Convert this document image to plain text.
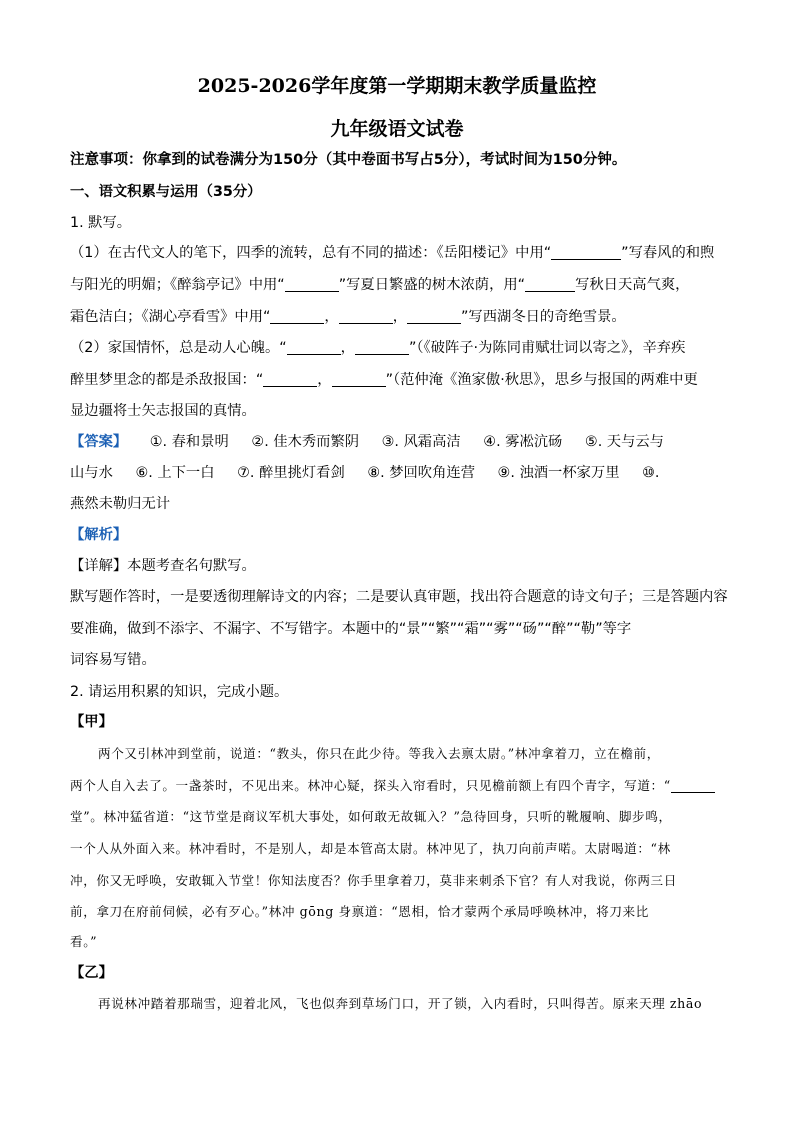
2025-2026学年度第一学期期末教学质量监控
九年级语文试卷
注意事项：你拿到的试卷满分为150分（其中卷面书写占5分），考试时间为150分钟。
一、语文积累与运用（35分）
1. 默写。
（1）在古代文人的笔下，四季的流转，总有不同的描述：《岳阳楼记》中用“	”写春风的和煦
与阳光的明媚；《醉翁亭记》中用“	”写夏日繁盛的树木浓荫，用“	写秋日天高气爽，
霜色洁白；《湖心亭看雪》中用“	，	，	”写西湖冬日的奇绝雪景。
（2）家国情怀，总是动人心魄。“	，	”（《破阵子·为陈同甫赋壮词以寄之》，辛弃疾
醉里梦里念的都是杀敌报国：“	，	”（范仲淹《渔家傲·秋思》，思乡与报国的两难中更
显边疆将士矢志报国的真情。
【答案】 ①. 春和景明 ②. 佳木秀而繁阴 ③. 风霜高洁 ④. 雾凇沆砀 ⑤. 天与云与
山与水 ⑥. 上下一白 ⑦. 醉里挑灯看剑 ⑧. 梦回吹角连营 ⑨. 浊酒一杯家万里 ⑩.
燕然未勒归无计
【解析】
【详解】本题考查名句默写。
默写题作答时，一是要透彻理解诗文的内容；二是要认真审题，找出符合题意的诗文句子；三是答题内容
要准确，做到不添字、不漏字、不写错字。本题中的“景”“繁”“霜”“雾”“砀”“醉”“勒”等字
词容易写错。
2. 请运用积累的知识，完成小题。
【甲】
两个又引林冲到堂前，说道：“教头，你只在此少待。等我入去禀太尉。”林冲拿着刀，立在檐前，
两个人自入去了。一盏茶时，不见出来。林冲心疑，探头入帘看时，只见檐前额上有四个青字，写道：“
堂”。林冲猛省道：“这节堂是商议军机大事处，如何敢无故辄入？”急待回身，只听的靴履响、脚步鸣，
一个人从外面入来。林冲看时，不是别人，却是本管高太尉。林冲见了，执刀向前声喏。太尉喝道：“林
冲，你又无呼唤，安敢辄入节堂！你知法度否？你手里拿着刀，莫非来刺杀下官？有人对我说，你两三日
前，拿刀在府前伺候，必有歹心。”林冲 gōng 身禀道：“恩相，恰才蒙两个承局呼唤林冲，将刀来比
看。”
【乙】
再说林冲踏着那瑞雪，迎着北风，飞也似奔到草场门口，开了锁，入内看时，只叫得苦。原来天理 zhāo
